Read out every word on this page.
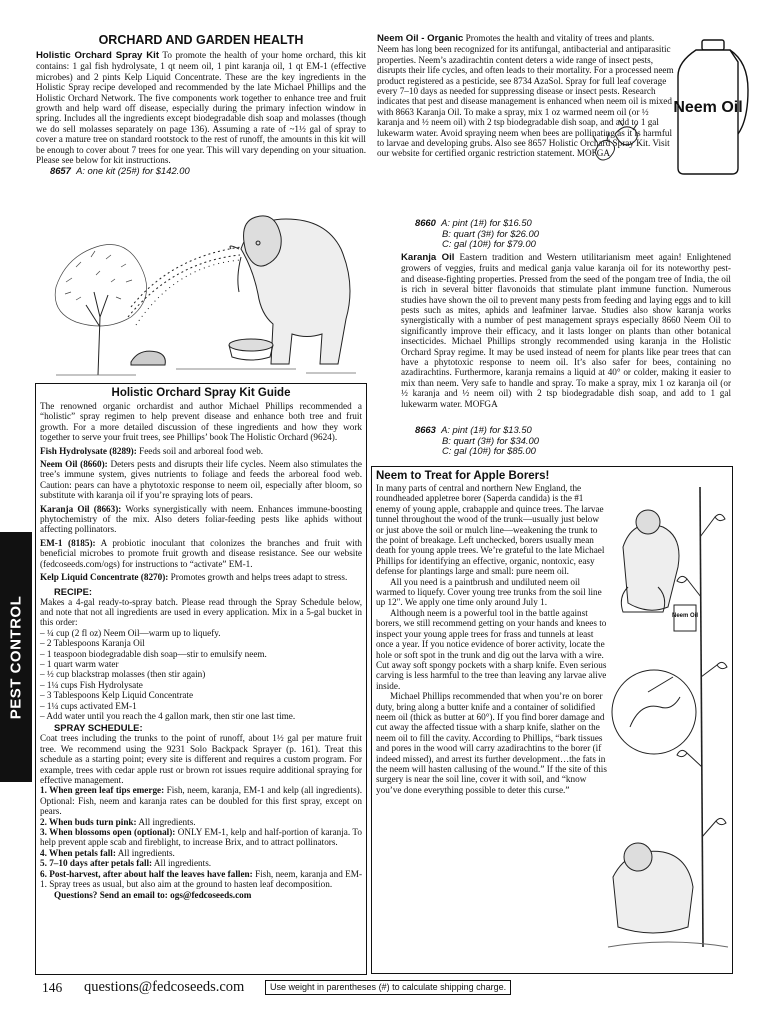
PEST CONTROL
ORCHARD AND GARDEN HEALTH

Holistic Orchard Spray Kit To promote the health of your home orchard, this kit contains: 1 gal fish hydrolysate, 1 qt neem oil, 1 pint karanja oil, 1 qt EM-1 (effective microbes) and 2 pints Kelp Liquid Concentrate. These are the key ingredients in the Holistic Spray recipe developed and recommended by the late Michael Phillips and the Holistic Orchard Network. The five components work together to enhance tree and fruit growth and help ward off disease, especially during the primary infection window in spring. Includes all the ingredients except biodegradable dish soap and molasses (though we do sell molasses separately on page 136). Assuming a rate of ~1½ gal of spray to cover a mature tree on standard rootstock to the rest of runoff, the amounts in this kit will be enough to cover about 7 trees for one year. This will vary depending on your situation. Please see below for kit instructions.

8657 A: one kit (25#) for $142.00

Holistic Orchard Spray Kit Guide

The renowned organic orchardist and author Michael Phillips recommended a “holistic” spray regimen to help prevent disease and enhance both tree and fruit growth. For a more detailed discussion of these ingredients and how they work together to serve your fruit trees, see Phillips’ book The Holistic Orchard (9624).

Fish Hydrolysate (8289): Feeds soil and arboreal food web.

Neem Oil (8660): Deters pests and disrupts their life cycles. Neem also stimulates the tree’s immune system, gives nutrients to foliage and feeds the arboreal food web. Caution: pears can have a phytotoxic response to neem oil, especially after bloom, so substitute with karanja oil if you’re spraying lots of pears.

Karanja Oil (8663): Works synergistically with neem. Enhances immune-boosting phytochemistry of the mix. Also deters foliar-feeding pests like aphids without affecting pollinators.

EM-1 (8185): A probiotic inoculant that colonizes the branches and fruit with beneficial microbes to promote fruit growth and disease resistance. See our website (fedcoseeds.com/ogs) for instructions to “activate” EM-1.

Kelp Liquid Concentrate (8270): Promotes growth and helps trees adapt to stress.

RECIPE:

Makes a 4-gal ready-to-spray batch. Please read through the Spray Schedule below, and note that not all ingredients are used in every application. Mix in a 5-gal bucket in this order:

– ¼ cup (2 fl oz) Neem Oil—warm up to liquefy.
– 2 Tablespoons Karanja Oil
– 1 teaspoon biodegradable dish soap—stir to emulsify neem.
– 1 quart warm water
– ½ cup blackstrap molasses (then stir again)
– 1¼ cups Fish Hydrolysate
– 3 Tablespoons Kelp Liquid Concentrate
– 1¼ cups activated EM-1
– Add water until you reach the 4 gallon mark, then stir one last time.
SPRAY SCHEDULE:

Coat trees including the trunks to the point of runoff, about 1½ gal per mature fruit tree. We recommend using the 9231 Solo Backpack Sprayer (p. 161). Treat this schedule as a starting point; every site is different and requires a custom program. For example, trees with cedar apple rust or brown rot issues require additional spraying for effective management.

1. When green leaf tips emerge: Fish, neem, karanja, EM-1 and kelp (all ingredients). Optional: Fish, neem and karanja rates can be doubled for this first spray, except on pears.

2. When buds turn pink: All ingredients.

3. When blossoms open (optional): ONLY EM-1, kelp and half-portion of karanja. To help prevent apple scab and fireblight, to increase Brix, and to attract pollinators.

4. When petals fall: All ingredients.

5. 7–10 days after petals fall: All ingredients.

6. Post-harvest, after about half the leaves have fallen: Fish, neem, karanja and EM-1. Spray trees as usual, but also aim at the ground to hasten leaf decomposition.

Questions? Send an email to: ogs@fedcoseeds.com

Neem Oil - Organic Promotes the health and vitality of trees and plants. Neem has long been recognized for its antifungal, antibacterial and antiparasitic properties. Neem’s azadirachtin content deters a wide range of insect pests, disrupts their life cycles, and often leads to their mortality. For a processed neem product registered as a pesticide, see 8734 AzaSol. Spray for full leaf coverage every 7–10 days as needed for suppressing disease or insect pests. Research indicates that pest and disease management is enhanced when neem oil is mixed with 8663 Karanja Oil. To make a spray, mix 1 oz warmed neem oil (or ½ karanja and ½ neem oil) with 2 tsp biodegradable dish soap, and add to 1 gal lukewarm water. Avoid spraying neem when bees are pollinating as it is harmful to larvae and developing grubs. Also see 8657 Holistic Orchard Spray Kit. Visit our website for certified organic restriction statement. MOFGA

Neem Oil

8660 A: pint (1#) for $16.50

B: quart (3#) for $26.00

C: gal (10#) for $79.00

Karanja Oil Eastern tradition and Western utilitarianism meet again! Enlightened growers of veggies, fruits and medical ganja value karanja oil for its noteworthy pest- and disease-fighting properties. Pressed from the seed of the pongam tree of India, the oil is rich in several bitter flavonoids that stimulate plant immune function. Numerous studies have shown the oil to prevent many pests from feeding and laying eggs and to kill pests such as mites, aphids and leafminer larvae. Studies also show karanja works synergistically with a number of pest management sprays especially 8660 Neem Oil to significantly improve their efficacy, and it lasts longer on plants than other botanical insecticides. Michael Phillips strongly recommended using karanja in the Holistic Orchard Spray regime. It may be used instead of neem for plants like pear trees that can have a phytotoxic response to neem oil. It’s also safer for bees, containing no azadirachtins. Furthermore, karanja remains a liquid at 40° or colder, making it easier to mix than neem. Very safe to handle and spray. To make a spray, mix 1 oz karanja oil (or ½ karanja and ½ neem oil) with 2 tsp biodegradable dish soap, and add to 1 gal lukewarm water. MOFGA

8663 A: pint (1#) for $13.50

B: quart (3#) for $34.00

C: gal (10#) for $85.00

Neem to Treat for Apple Borers!

In many parts of central and northern New England, the roundheaded appletree borer (Saperda candida) is the #1 enemy of young apple, crabapple and quince trees. The larvae tunnel throughout the wood of the trunk—usually just below or just above the soil or mulch line—weakening the trunk to the point of breakage. Left unchecked, borers usually mean death for young apple trees. We’re grateful to the late Michael Phillips for identifying an effective, organic, nontoxic, easy defense for plantings large and small: pure neem oil.

All you need is a paintbrush and undiluted neem oil warmed to liquefy. Cover young tree trunks from the soil line up 12". We apply one time only around July 1.

Although neem is a powerful tool in the battle against borers, we still recommend getting on your hands and knees to inspect your young apple trees for frass and tunnels at least once a year. If you notice evidence of borer activity, locate the hole or soft spot in the trunk and dig out the larva with a wire. Cut away soft spongy pockets with a sharp knife. Even serious carving is less harmful to the tree than leaving any larvae alive inside.

Michael Phillips recommended that when you’re on borer duty, bring along a butter knife and a container of solidified neem oil (thick as butter at 60°). If you find borer damage and cut away the affected tissue with a sharp knife, slather on the neem oil to fill the cavity. According to Phillips, “bark tissues and pores in the wood will carry azadirachtins to the borer (if indeed missed), and arrest its further development…the fats in the neem will hasten callusing of the wound.” If the site of this surgery is near the soil line, cover it with soil, and “know you’ve done everything possible to deter this curse.”

Neem Oil
146 questions@fedcoseeds.com	Use weight in parentheses (#) to calculate shipping charge.
